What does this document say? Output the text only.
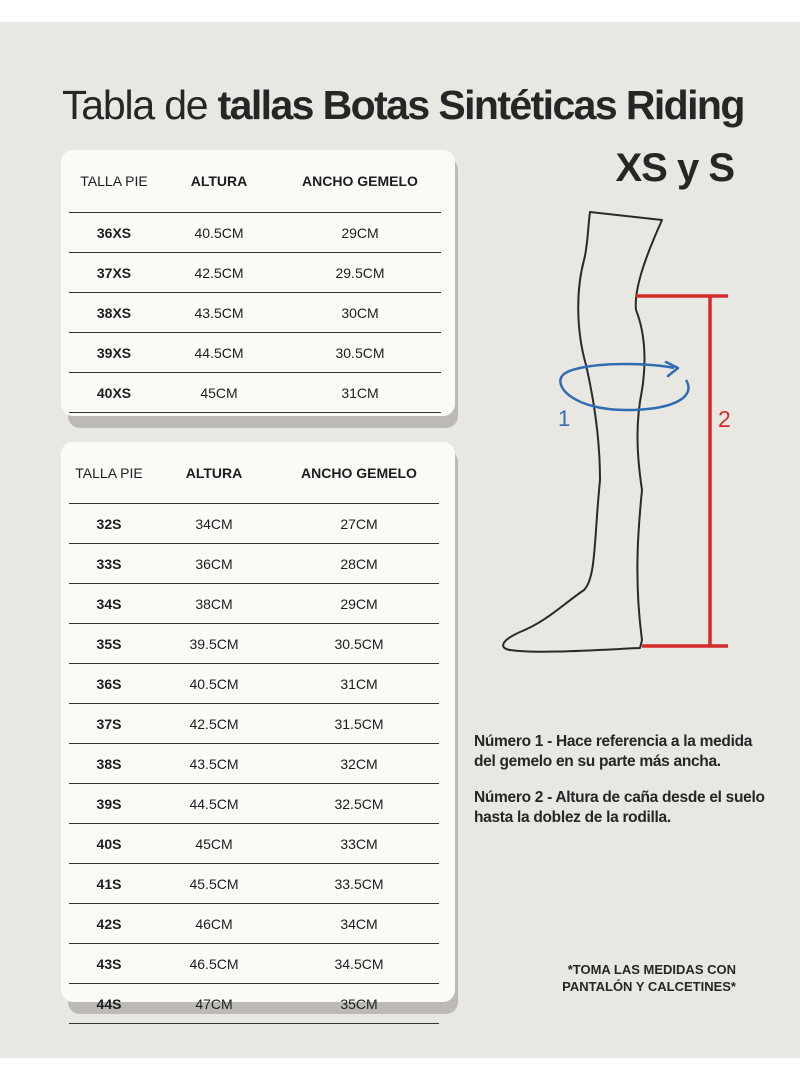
Tabla de tallas Botas Sintéticas Riding
XS y S
TALLA PIE	ALTURA	ANCHO GEMELO
36XS	40.5CM	29CM
37XS	42.5CM	29.5CM
38XS	43.5CM	30CM
39XS	44.5CM	30.5CM
40XS	45CM	31CM
TALLA PIE	ALTURA	ANCHO GEMELO
32S	34CM	27CM
33S	36CM	28CM
34S	38CM	29CM
35S	39.5CM	30.5CM
36S	40.5CM	31CM
37S	42.5CM	31.5CM
38S	43.5CM	32CM
39S	44.5CM	32.5CM
40S	45CM	33CM
41S	45.5CM	33.5CM
42S	46CM	34CM
43S	46.5CM	34.5CM
44S	47CM	35CM
1	2

Número 1 - Hace referencia a la medida del gemelo en su parte más ancha.

Número 2 - Altura de caña desde el suelo hasta la doblez de la rodilla.

*TOMA LAS MEDIDAS CON PANTALÓN Y CALCETINES*
